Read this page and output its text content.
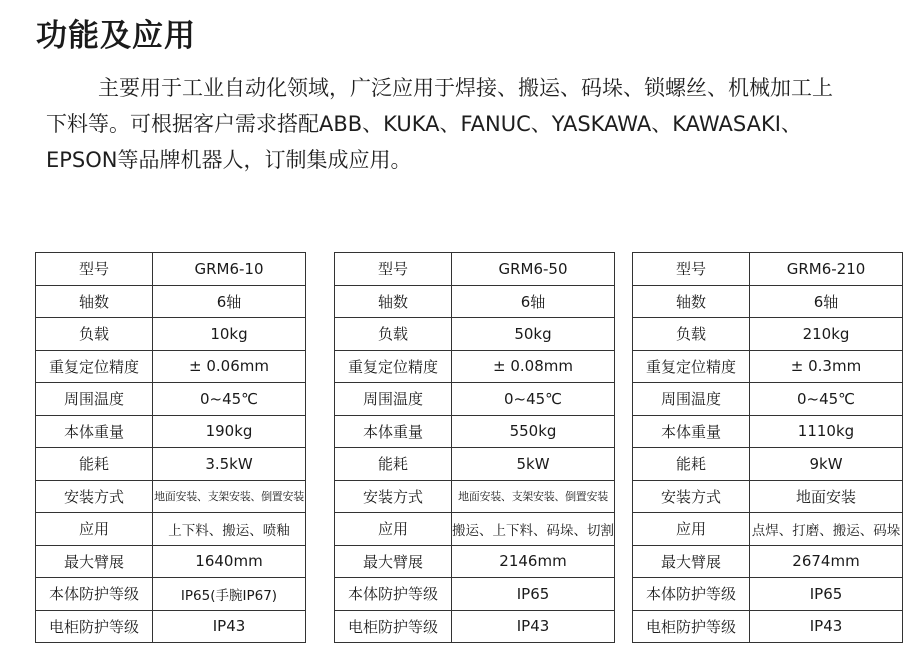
功能及应用
主要用于工业自动化领域，广泛应用于焊接、搬运、码垛、锁螺丝、机械加工上下料等。可根据客户需求搭配ABB、KUKA、FANUC、YASKAWA、KAWASAKI、EPSON等品牌机器人，订制集成应用。
型号	GRM6-10
轴数	6轴
负载	10kg
重复定位精度	± 0.06mm
周围温度	0~45℃
本体重量	190kg
能耗	3.5kW
安装方式	地面安装、支架安装、倒置安装
应用	上下料、搬运、喷釉
最大臂展	1640mm
本体防护等级	IP65(手腕IP67)
电柜防护等级	IP43
型号	GRM6-50
轴数	6轴
负载	50kg
重复定位精度	± 0.08mm
周围温度	0~45℃
本体重量	550kg
能耗	5kW
安装方式	地面安装、支架安装、倒置安装
应用	搬运、上下料、码垛、切割
最大臂展	2146mm
本体防护等级	IP65
电柜防护等级	IP43
型号	GRM6-210
轴数	6轴
负载	210kg
重复定位精度	± 0.3mm
周围温度	0~45℃
本体重量	1110kg
能耗	9kW
安装方式	地面安装
应用	点焊、打磨、搬运、码垛
最大臂展	2674mm
本体防护等级	IP65
电柜防护等级	IP43
